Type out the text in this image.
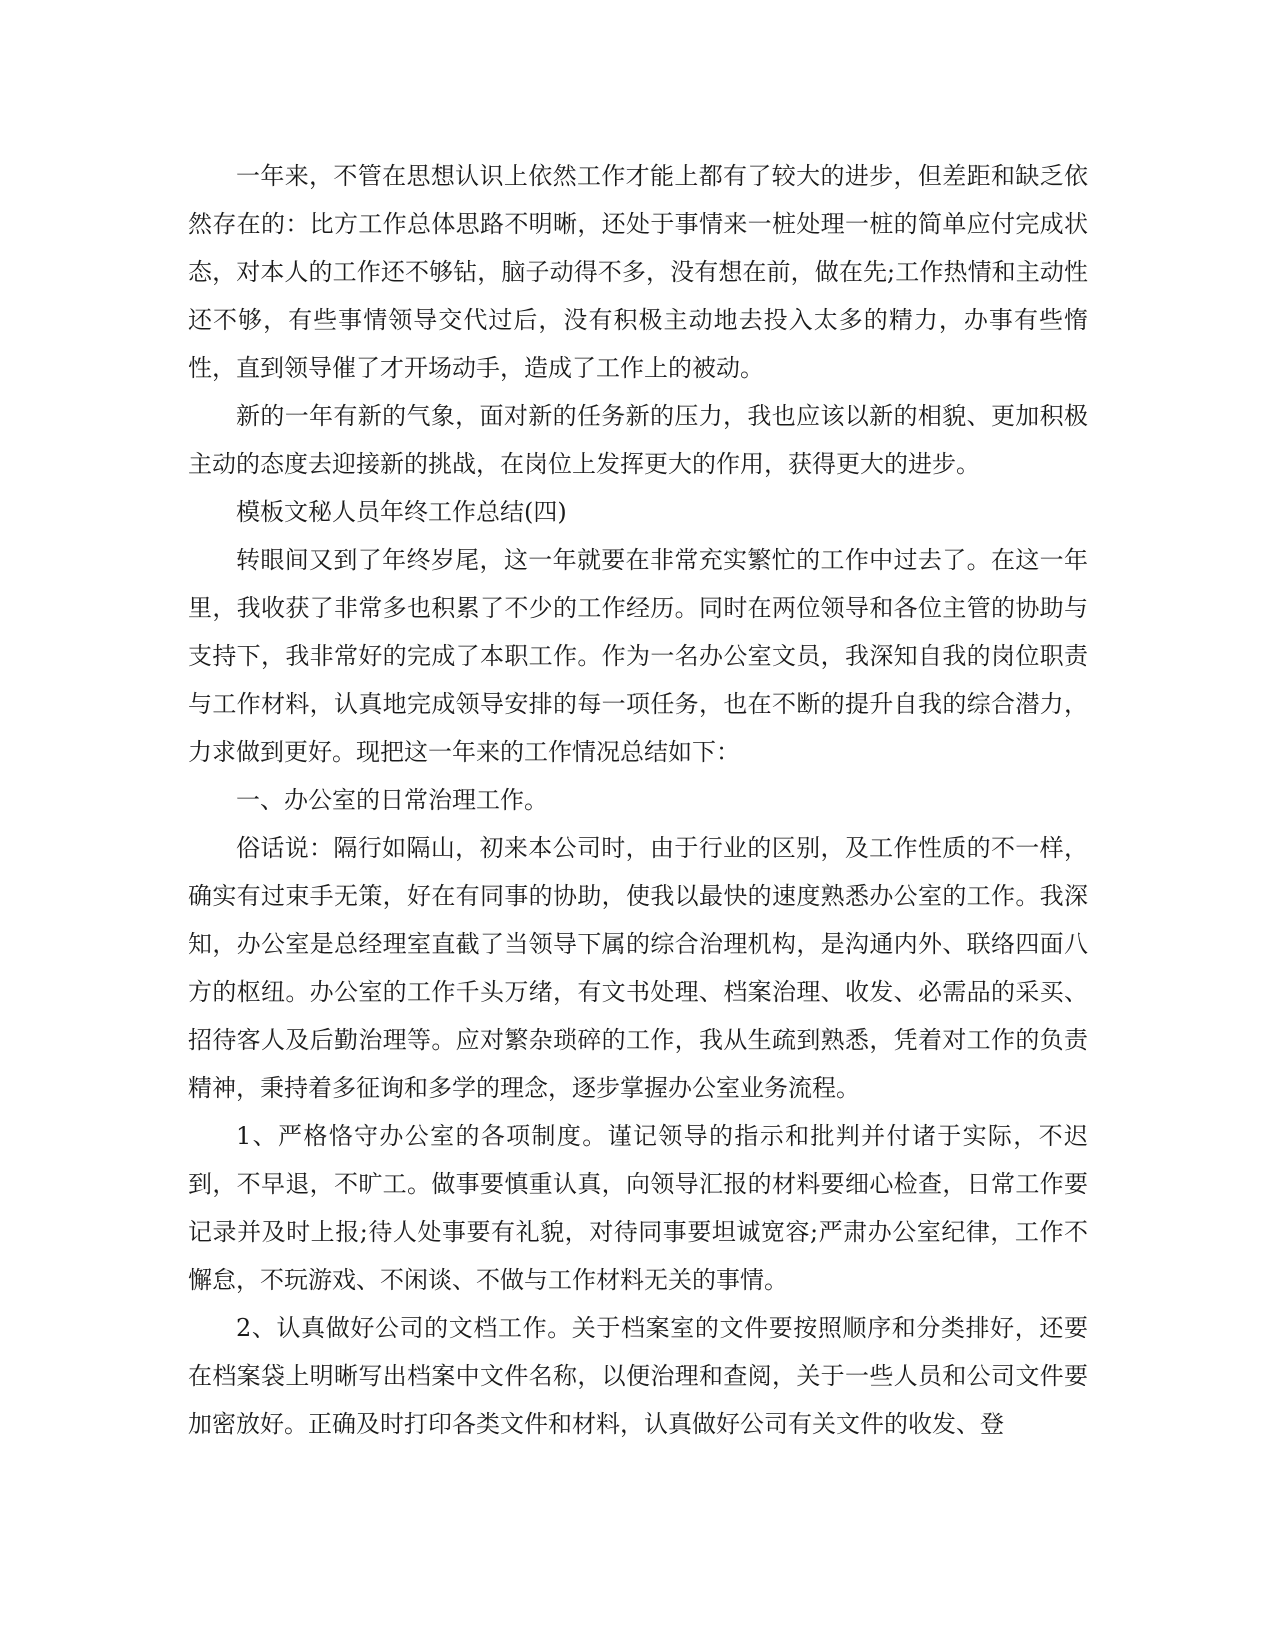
一年来，不管在思想认识上依然工作才能上都有了较大的进步，但差距和缺乏依然存在的：比方工作总体思路不明晰，还处于事情来一桩处理一桩的简单应付完成状态，对本人的工作还不够钻，脑子动得不多，没有想在前，做在先;工作热情和主动性还不够，有些事情领导交代过后，没有积极主动地去投入太多的精力，办事有些惰性，直到领导催了才开场动手，造成了工作上的被动。

新的一年有新的气象，面对新的任务新的压力，我也应该以新的相貌、更加积极主动的态度去迎接新的挑战，在岗位上发挥更大的作用，获得更大的进步。

模板文秘人员年终工作总结(四)

转眼间又到了年终岁尾，这一年就要在非常充实繁忙的工作中过去了。在这一年里，我收获了非常多也积累了不少的工作经历。同时在两位领导和各位主管的协助与支持下，我非常好的完成了本职工作。作为一名办公室文员，我深知自我的岗位职责与工作材料，认真地完成领导安排的每一项任务，也在不断的提升自我的综合潜力，力求做到更好。现把这一年来的工作情况总结如下：

一、办公室的日常治理工作。

俗话说：隔行如隔山，初来本公司时，由于行业的区别，及工作性质的不一样，确实有过束手无策，好在有同事的协助，使我以最快的速度熟悉办公室的工作。我深知，办公室是总经理室直截了当领导下属的综合治理机构，是沟通内外、联络四面八方的枢纽。办公室的工作千头万绪，有文书处理、档案治理、收发、必需品的采买、招待客人及后勤治理等。应对繁杂琐碎的工作，我从生疏到熟悉，凭着对工作的负责精神，秉持着多征询和多学的理念，逐步掌握办公室业务流程。

1、严格恪守办公室的各项制度。谨记领导的指示和批判并付诸于实际，不迟到，不早退，不旷工。做事要慎重认真，向领导汇报的材料要细心检查，日常工作要记录并及时上报;待人处事要有礼貌，对待同事要坦诚宽容;严肃办公室纪律，工作不懈怠，不玩游戏、不闲谈、不做与工作材料无关的事情。

2、认真做好公司的文档工作。关于档案室的文件要按照顺序和分类排好，还要在档案袋上明晰写出档案中文件名称，以便治理和查阅，关于一些人员和公司文件要加密放好。正确及时打印各类文件和材料，认真做好公司有关文件的收发、登
